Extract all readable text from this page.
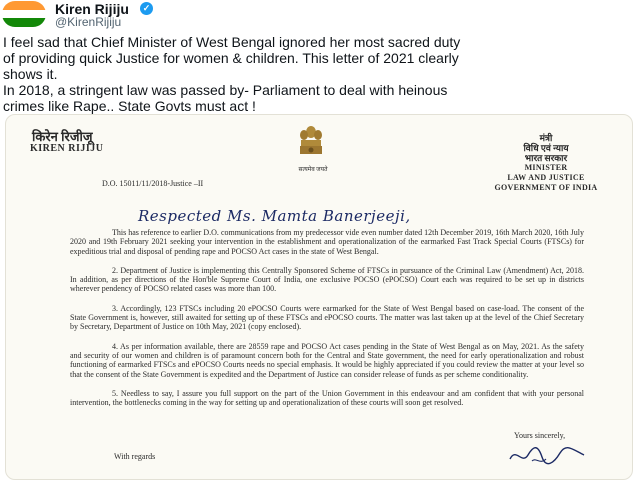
Kiren Rijiju	✓
@KirenRijiju

I feel sad that Chief Minister of West Bengal ignored her most sacred duty

of providing quick Justice for women & children. This letter of 2021 clearly

shows it.

In 2018, a stringent law was passed by- Parliament to deal with heinous

crimes like Rape.. State Govts must act !

किरेन रिजीजू
KIREN RIJIJU
सत्यमेव जयते
मंत्री
विधि एवं न्याय
भारत सरकार
MINISTER
LAW AND JUSTICE
GOVERNMENT OF INDIA
D.O. 15011/11/2018-Justice –II
Respected Ms. Mamta Banerjeeji,

This has reference to earlier D.O. communications from my predecessor vide even number dated 12th December 2019, 16th March 2020, 16th July 2020 and 19th February 2021 seeking your intervention in the establishment and operationalization of the earmarked Fast Track Special Courts (FTSCs) for expeditious trial and disposal of pending rape and POCSO Act cases in the state of West Bengal.

2. Department of Justice is implementing this Centrally Sponsored Scheme of FTSCs in pursuance of the Criminal Law (Amendment) Act, 2018. In addition, as per directions of the Hon'ble Supreme Court of India, one exclusive POCSO (ePOCSO) Court each was required to be set up in districts wherever pendency of POCSO related cases was more than 100.

3. Accordingly, 123 FTSCs including 20 ePOCSO Courts were earmarked for the State of West Bengal based on case-load. The consent of the State Government is, however, still awaited for setting up of these FTSCs and ePOCSO courts. The matter was last taken up at the level of the Chief Secretary by Secretary, Department of Justice on 10th May, 2021 (copy enclosed).

4. As per information available, there are 28559 rape and POCSO Act cases pending in the State of West Bengal as on May, 2021. As the safety and security of our women and children is of paramount concern both for the Central and State government, the need for early operationalization and robust functioning of earmarked FTSCs and ePOCSO Courts needs no special emphasis. It would be highly appreciated if you could review the matter at your level so that the consent of the State Government is expedited and the Department of Justice can consider release of funds as per scheme conditionality.

5. Needless to say, I assure you full support on the part of the Union Government in this endeavour and am confident that with your personal intervention, the bottlenecks coming in the way for setting up and operationalization of these courts will soon get resolved.

With regards
Yours sincerely,
